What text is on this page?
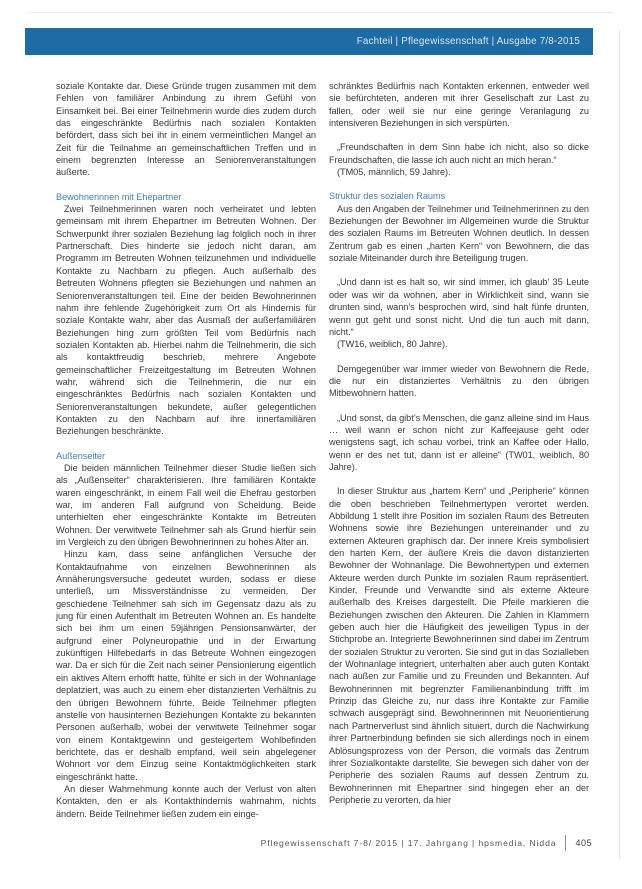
Fachteil | Pflegewissenschaft | Ausgabe 7/8-2015
soziale Kontakte dar. Diese Gründe trugen zusammen mit dem Fehlen von familiärer Anbindung zu ihrem Gefühl von Einsamkeit bei. Bei einer Teilnehmerin wurde dies zudem durch das eingeschränkte Bedürfnis nach sozialen Kontakten befördert, dass sich bei ihr in einem vermeintlichen Mangel an Zeit für die Teilnahme an gemeinschaftlichen Treffen und in einem begrenzten Interesse an Seniorenveranstaltungen äußerte.
Bewohnerinnen mit Ehepartner
Zwei Teilnehmerinnen waren noch verheiratet und lebten gemeinsam mit ihrem Ehepartner im Betreuten Wohnen. Der Schwerpunkt ihrer sozialen Beziehung lag folglich noch in ihrer Partnerschaft. Dies hinderte sie jedoch nicht daran, am Programm im Betreuten Wohnen teilzunehmen und individuelle Kontakte zu Nachbarn zu pflegen. Auch außerhalb des Betreuten Wohnens pflegten sie Beziehungen und nahmen an Seniorenveranstaltungen teil. Eine der beiden Bewohnerinnen nahm ihre fehlende Zugehörigkeit zum Ort als Hindernis für soziale Kontakte wahr, aber das Ausmaß der außerfamiliären Beziehungen hing zum größten Teil vom Bedürfnis nach sozialen Kontakten ab. Hierbei nahm die Teilnehmerin, die sich als kontaktfreudig beschrieb, mehrere Angebote gemeinschaftlicher Freizeitgestaltung im Betreuten Wohnen wahr, während sich die Teilnehmerin, die nur ein eingeschränktes Bedürfnis nach sozialen Kontakten und Seniorenveranstaltungen bekundete, außer gelegentlichen Kontakten zu den Nachbarn auf ihre innerfamiliären Beziehungen beschränkte.
Außenseiter
Die beiden männlichen Teilnehmer dieser Studie ließen sich als „Außenseiter“ charakterisieren. Ihre familiären Kontakte waren eingeschränkt, in einem Fall weil die Ehefrau gestorben war, im anderen Fall aufgrund von Scheidung. Beide unterhielten eher eingeschränkte Kontakte im Betreuten Wohnen. Der verwitwete Teilnehmer sah als Grund hierfür sein im Vergleich zu den übrigen Bewohnerinnen zu hohes Alter an.
Hinzu kam, dass seine anfänglichen Versuche der Kontaktaufnahme von einzelnen Bewohnerinnen als Annäherungsversuche gedeutet wurden, sodass er diese unterließ, um Missverständnisse zu vermeiden. Der geschiedene Teilnehmer sah sich im Gegensatz dazu als zu jung für einen Aufenthalt im Betreuten Wohnen an. Es handelte sich bei ihm um einen 59jährigen Pensionsanwärter, der aufgrund einer Polyneuropathie und in der Erwartung zukünftigen Hilfebedarfs in das Betreute Wohnen eingezogen war. Da er sich für die Zeit nach seiner Pensionierung eigentlich ein aktives Altern erhofft hatte, fühlte er sich in der Wohnanlage deplatziert, was auch zu einem eher distanzierten Verhältnis zu den übrigen Bewohnern führte. Beide Teilnehmer pflegten anstelle von hausinternen Beziehungen Kontakte zu bekannten Personen außerhalb, wobei der verwitwete Teilnehmer sogar von einem Kontaktgewinn und gesteigertem Wohlbefinden berichtete, das er deshalb empfand, weil sein abgelegener Wohnort vor dem Einzug seine Kontaktmöglichkeiten stark eingeschränkt hatte.
An dieser Wahrnehmung konnte auch der Verlust von alten Kontakten, den er als Kontakthindernis wahrnahm, nichts ändern. Beide Teilnehmer ließen zudem ein einge-
schränktes Bedürfnis nach Kontakten erkennen, entweder weil sie befürchteten, anderen mit ihrer Gesellschaft zur Last zu fallen, oder weil sie nur eine geringe Veranlagung zu intensiveren Beziehungen in sich verspürten.
„Freundschaften in dem Sinn habe ich nicht, also so dicke Freundschaften, die lasse ich auch nicht an mich heran.“
(TM05, männlich, 59 Jahre).
Struktur des sozialen Raums
Aus den Angaben der Teilnehmer und Teilnehmerinnen zu den Beziehungen der Bewohner im Allgemeinen wurde die Struktur des sozialen Raums im Betreuten Wohnen deutlich. In dessen Zentrum gab es einen „harten Kern“ von Bewohnern, die das soziale Miteinander durch ihre Beteiligung trugen.
„Und dann ist es halt so, wir sind immer, ich glaub’ 35 Leute oder was wir da wohnen, aber in Wirklichkeit sind, wann sie drunten sind, wann’s besprochen wird, sind halt fünfe drunten, wenn gut geht und sonst nicht. Und die tun auch mit dann, nicht.“
(TW16, weiblich, 80 Jahre).
Demgegenüber war immer wieder von Bewohnern die Rede, die nur ein distanziertes Verhältnis zu den übrigen Mitbewohnern hatten.
„Und sonst, da gibt’s Menschen, die ganz alleine sind im Haus … weil wann er schon nicht zur Kaffeejause geht oder wenigstens sagt, ich schau vorbei, trink an Kaffee oder Hallo, wenn er des net tut, dann ist er alleine“ (TW01, weiblich, 80 Jahre).
In dieser Struktur aus „hartem Kern“ und „Peripherie“ können die oben beschrieben Teilnehmertypen verortet werden. Abbildung 1 stellt ihre Position im sozialen Raum des Betreuten Wohnens sowie ihre Beziehungen untereinander und zu externen Akteuren graphisch dar. Der innere Kreis symbolisiert den harten Kern, der äußere Kreis die davon distanzierten Bewohner der Wohnanlage. Die Bewohnertypen und externen Akteure werden durch Punkte im sozialen Raum repräsentiert. Kinder, Freunde und Verwandte sind als externe Akteure außerhalb des Kreises dargestellt. Die Pfeile markieren die Beziehungen zwischen den Akteuren. Die Zahlen in Klammern geben auch hier die Häufigkeit des jeweiligen Typus in der Stichprobe an. Integrierte Bewohnerinnen sind dabei im Zentrum der sozialen Struktur zu verorten. Sie sind gut in das Sozialleben der Wohnanlage integriert, unterhalten aber auch guten Kontakt nach außen zur Familie und zu Freunden und Bekannten. Auf Bewohnerinnen mit begrenzter Familienanbindung trifft im Prinzip das Gleiche zu, nur dass ihre Kontakte zur Familie schwach ausgeprägt sind. Bewohnerinnen mit Neuorientierung nach Partnerverlust sind ähnlich situiert, durch die Nachwirkung ihrer Partnerbindung befinden sie sich allerdings noch in einem Ablösungsprozess von der Person, die vormals das Zentrum ihrer Sozialkontakte darstellte. Sie bewegen sich daher von der Peripherie des sozialen Raums auf dessen Zentrum zu. Bewohnerinnen mit Ehepartner sind hingegen eher an der Peripherie zu verorten, da hier
Pflegewissenschaft 7-8/ 2015 | 17. Jahrgang | hpsmedia, Nidda 405
